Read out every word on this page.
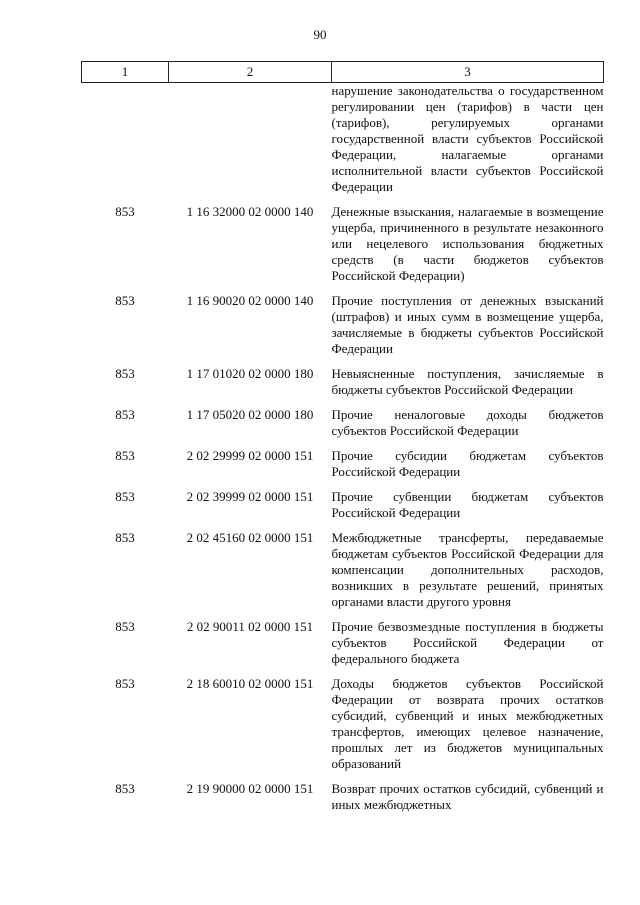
90
1	2	3
		нарушение законодательства о государственном регулировании цен (тарифов) в части цен (тарифов), регулируемых органами государственной власти субъектов Российской Федерации, налагаемые органами исполнительной власти субъектов Российской Федерации
853	1 16 32000 02 0000 140	Денежные взыскания, налагаемые в возмещение ущерба, причиненного в результате незаконного или нецелевого использования бюджетных средств (в части бюджетов субъектов Российской Федерации)
853	1 16 90020 02 0000 140	Прочие поступления от денежных взысканий (штрафов) и иных сумм в возмещение ущерба, зачисляемые в бюджеты субъектов Российской Федерации
853	1 17 01020 02 0000 180	Невыясненные поступления, зачисляемые в бюджеты субъектов Российской Федерации
853	1 17 05020 02 0000 180	Прочие неналоговые доходы бюджетов субъектов Российской Федерации
853	2 02 29999 02 0000 151	Прочие субсидии бюджетам субъектов Российской Федерации
853	2 02 39999 02 0000 151	Прочие субвенции бюджетам субъектов Российской Федерации
853	2 02 45160 02 0000 151	Межбюджетные трансферты, передаваемые бюджетам субъектов Российской Федерации для компенсации дополнительных расходов, возникших в результате решений, принятых органами власти другого уровня
853	2 02 90011 02 0000 151	Прочие безвозмездные поступления в бюджеты субъектов Российской Федерации от федерального бюджета
853	2 18 60010 02 0000 151	Доходы бюджетов субъектов Российской Федерации от возврата прочих остатков субсидий, субвенций и иных межбюджетных трансфертов, имеющих целевое назначение, прошлых лет из бюджетов муниципальных образований
853	2 19 90000 02 0000 151	Возврат прочих остатков субсидий, субвенций и иных межбюджетных
